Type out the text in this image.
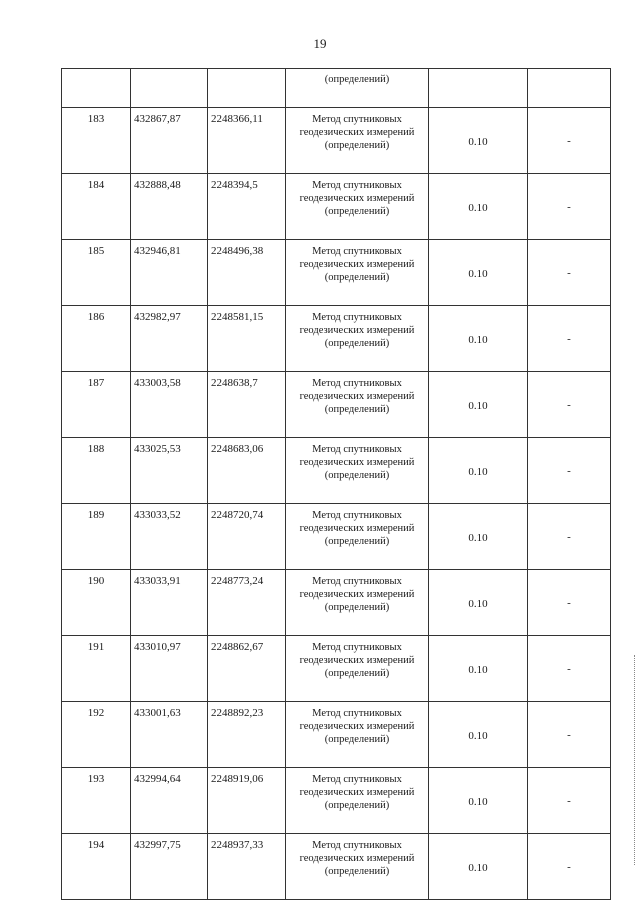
19
			(определений)		
183	432867,87	2248366,11	Метод спутниковых
геодезических измерений
(определений)	0.10	-
184	432888,48	2248394,5	Метод спутниковых
геодезических измерений
(определений)	0.10	-
185	432946,81	2248496,38	Метод спутниковых
геодезических измерений
(определений)	0.10	-
186	432982,97	2248581,15	Метод спутниковых
геодезических измерений
(определений)	0.10	-
187	433003,58	2248638,7	Метод спутниковых
геодезических измерений
(определений)	0.10	-
188	433025,53	2248683,06	Метод спутниковых
геодезических измерений
(определений)	0.10	-
189	433033,52	2248720,74	Метод спутниковых
геодезических измерений
(определений)	0.10	-
190	433033,91	2248773,24	Метод спутниковых
геодезических измерений
(определений)	0.10	-
191	433010,97	2248862,67	Метод спутниковых
геодезических измерений
(определений)	0.10	-
192	433001,63	2248892,23	Метод спутниковых
геодезических измерений
(определений)	0.10	-
193	432994,64	2248919,06	Метод спутниковых
геодезических измерений
(определений)	0.10	-
194	432997,75	2248937,33	Метод спутниковых
геодезических измерений
(определений)	0.10	-
